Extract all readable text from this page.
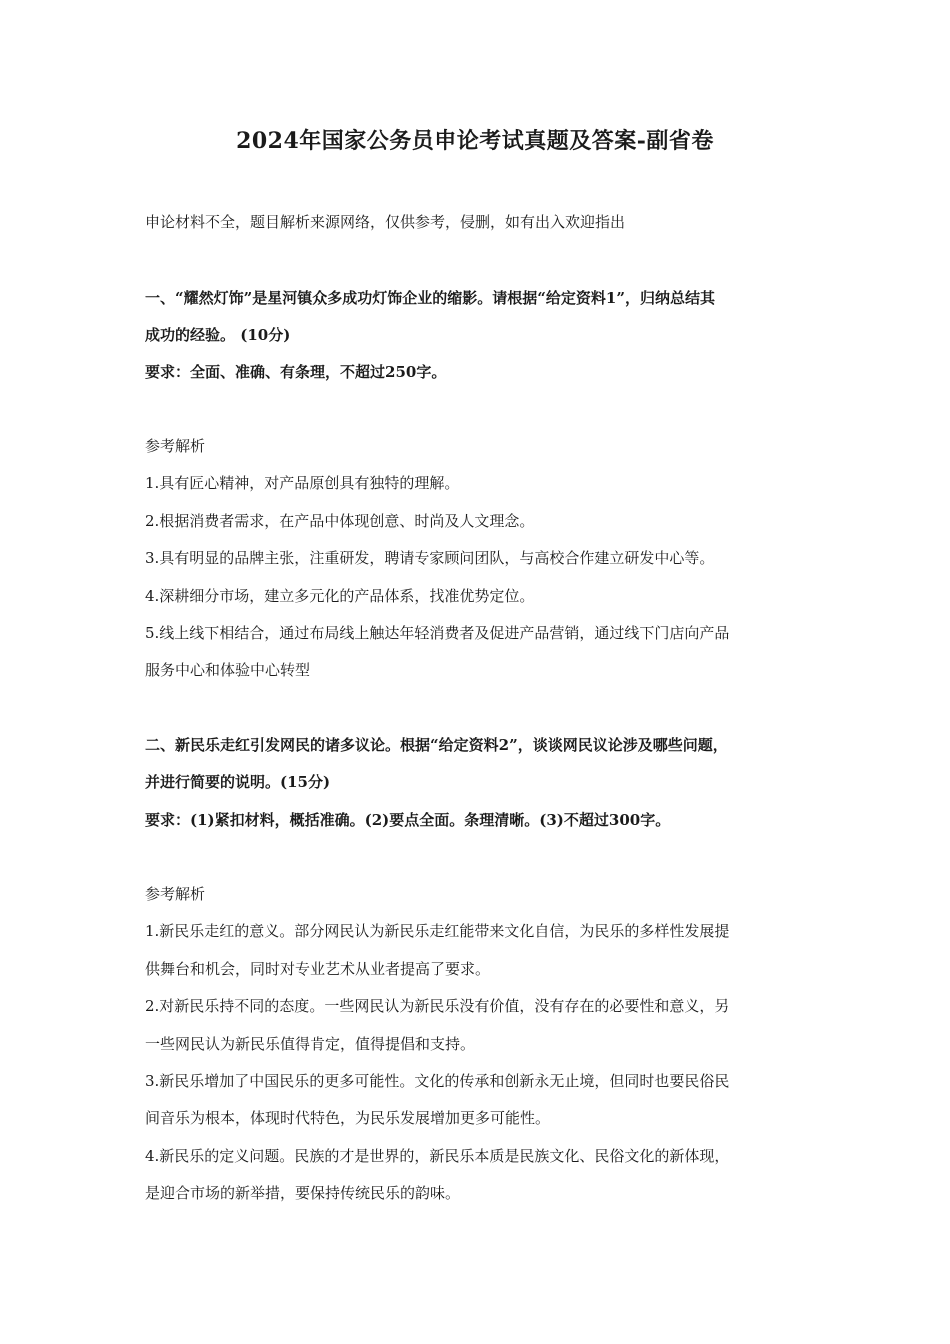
2024年国家公务员申论考试真题及答案-副省卷
申论材料不全，题目解析来源网络，仅供参考，侵删，如有出入欢迎指出
一、“耀然灯饰”是星河镇众多成功灯饰企业的缩影。请根据“给定资料1”，归纳总结其
成功的经验。 (10分)
要求：全面、准确、有条理，不超过250字。
参考解析
1.具有匠心精神，对产品原创具有独特的理解。
2.根据消费者需求，在产品中体现创意、时尚及人文理念。
3.具有明显的品牌主张，注重研发，聘请专家顾问团队，与高校合作建立研发中心等。
4.深耕细分市场，建立多元化的产品体系，找准优势定位。
5.线上线下相结合，通过布局线上触达年轻消费者及促进产品营销，通过线下门店向产品
服务中心和体验中心转型
二、新民乐走红引发网民的诸多议论。根据“给定资料2”，谈谈网民议论涉及哪些问题，
并进行简要的说明。(15分)
要求：(1)紧扣材料，概括准确。(2)要点全面。条理清晰。(3)不超过300字。
参考解析
1.新民乐走红的意义。部分网民认为新民乐走红能带来文化自信，为民乐的多样性发展提
供舞台和机会，同时对专业艺术从业者提高了要求。
2.对新民乐持不同的态度。一些网民认为新民乐没有价值，没有存在的必要性和意义，另
一些网民认为新民乐值得肯定，值得提倡和支持。
3.新民乐增加了中国民乐的更多可能性。文化的传承和创新永无止境，但同时也要民俗民
间音乐为根本，体现时代特色，为民乐发展增加更多可能性。
4.新民乐的定义问题。民族的才是世界的，新民乐本质是民族文化、民俗文化的新体现，
是迎合市场的新举措，要保持传统民乐的韵味。
